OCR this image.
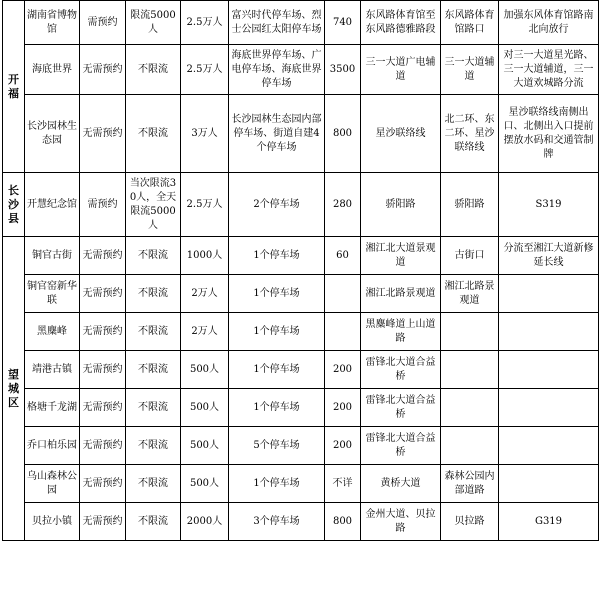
开
福	湖南省博物馆	需预约	限流5000人	2.5万人	富兴时代停车场、烈士公园红太阳停车场	740	东风路体育馆至东风路德雅路段	东风路体育馆路口	加强东风体育馆路南北向放行
	海底世界	无需预约	不限流	2.5万人	海底世界停车场、广电停车场、海底世界停车场	3500	三一大道广电辅道	三一大道辅道	对三一大道星光路、三一大道辅道，三一大道欢城路分流
	长沙园林生态园	无需预约	不限流	3万人	长沙园林生态园内部停车场、街道自建4个停车场	800	星沙联络线	北二环、东二环、星沙联络线	星沙联络线南侧出口、北侧出入口提前摆放水码和交通管制牌
长
沙
县	开慧纪念馆	需预约	当次限流30人，全天限流5000人	2.5万人	2个停车场	280	骄阳路	骄阳路	S319
望
城
区	铜官古街	无需预约	不限流	1000人	1个停车场	60	湘江北大道景观道	古街口	分流至湘江大道新修延长线
	铜官窑新华联	无需预约	不限流	2万人	1个停车场		湘江北路景观道	湘江北路景观道	
	黑麋峰	无需预约	不限流	2万人	1个停车场		黑麋峰道上山道路		
	靖港古镇	无需预约	不限流	500人	1个停车场	200	雷锋北大道合益桥		
	格塘千龙湖	无需预约	不限流	500人	1个停车场	200	雷锋北大道合益桥		
	乔口柏乐园	无需预约	不限流	500人	5个停车场	200	雷锋北大道合益桥		
	乌山森林公园	无需预约	不限流	500人	1个停车场	不详	黄桥大道	森林公园内部道路	
	贝拉小镇	无需预约	不限流	2000人	3个停车场	800	金州大道、贝拉路	贝拉路	G319
